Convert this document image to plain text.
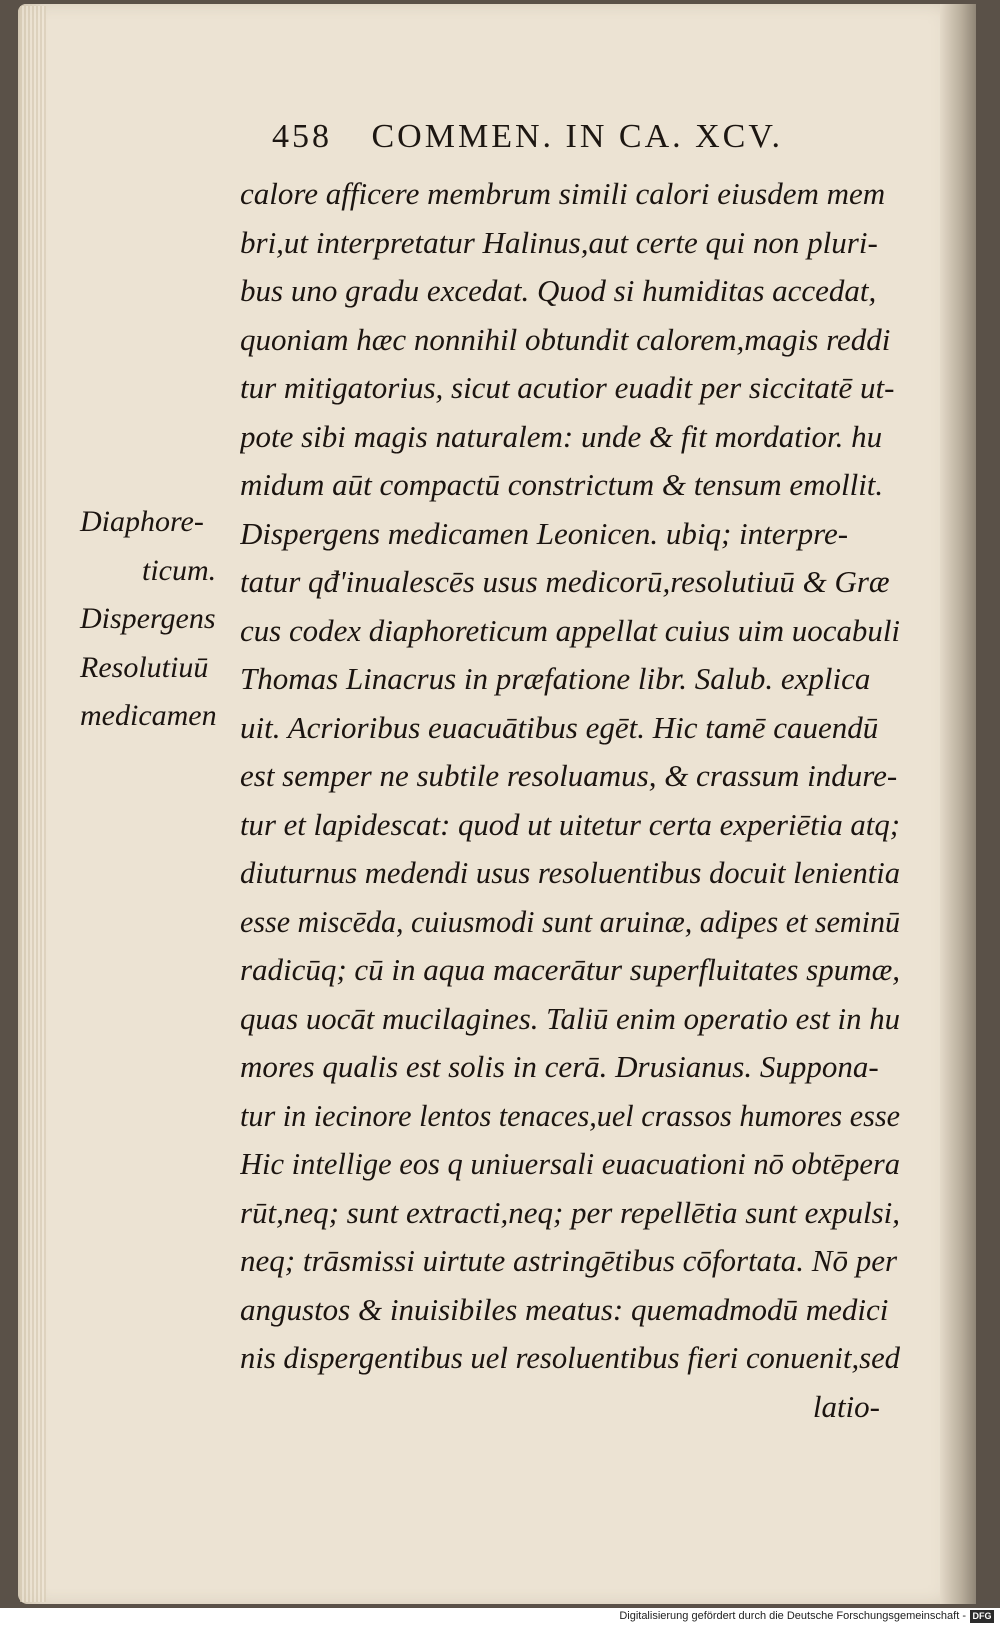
458 COMMEN. IN CA. XCV.
calore afficere membrum simili calori eiusdem mem
bri,ut interpretatur Halinus,aut certe qui non pluri-
bus uno gradu excedat. Quod si humiditas accedat,
quoniam hæc nonnihil obtundit calorem,magis reddi
tur mitigatorius, sicut acutior euadit per siccitatē ut-
pote sibi magis naturalem: unde & fit mordatior. hu
midum aūt compactū constrictum & tensum emollit.
Dispergens medicamen Leonicen. ubiq; interpre-
tatur qđ'inualescēs usus medicorū,resolutiuū & Græ
cus codex diaphoreticum appellat cuius uim uocabuli
Thomas Linacrus in præfatione libr. Salub. explica
uit. Acrioribus euacuātibus egēt. Hic tamē cauendū
est semper ne subtile resoluamus, & crassum indure-
tur et lapidescat: quod ut uitetur certa experiētia atq;
diuturnus medendi usus resoluentibus docuit lenientia
esse miscēda, cuiusmodi sunt aruinæ, adipes et seminū
radicūq; cū in aqua macerātur superfluitates spumæ,
quas uocāt mucilagines. Taliū enim operatio est in hu
mores qualis est solis in cerā. Drusianus. Suppona-
tur in iecinore lentos tenaces,uel crassos humores esse
Hic intellige eos q uniuersali euacuationi nō obtēpera
rūt,neq; sunt extracti,neq; per repellētia sunt expulsi,
neq; trāsmissi uirtute astringētibus cōfortata. Nō per
angustos & inuisibiles meatus: quemadmodū medici
nis dispergentibus uel resoluentibus fieri conuenit,sed
latio-
Diaphore-
ticum.
Dispergens
Resolutiuū
medicamen
Digitalisierung gefördert durch die Deutsche Forschungsgemeinschaft - DFG
